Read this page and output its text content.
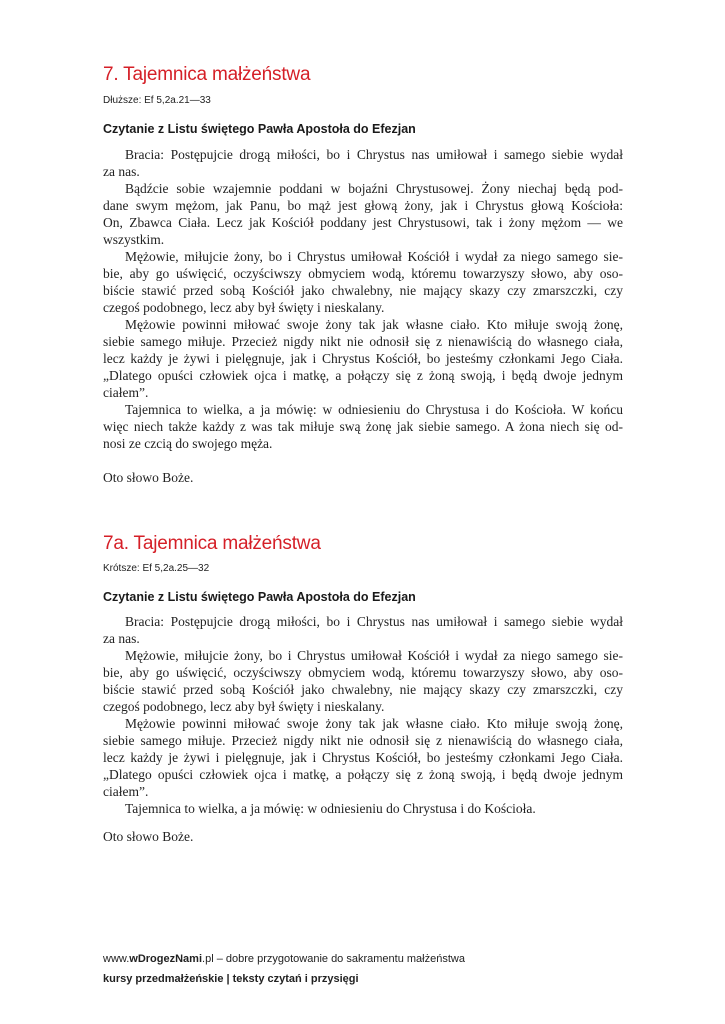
7. Tajemnica małżeństwa
Dłuższe: Ef 5,2a.21—33
Czytanie z Listu świętego Pawła Apostoła do Efezjan
Bracia: Postępujcie drogą miłości, bo i Chrystus nas umiłował i samego siebie wydał
za nas.
Bądźcie sobie wzajemnie poddani w bojaźni Chrystusowej. Żony niechaj będą pod-
dane swym mężom, jak Panu, bo mąż jest głową żony, jak i Chrystus głową Kościoła:
On, Zbawca Ciała. Lecz jak Kościół poddany jest Chrystusowi, tak i żony mężom — we
wszystkim.
Mężowie, miłujcie żony, bo i Chrystus umiłował Kościół i wydał za niego samego sie-
bie, aby go uświęcić, oczyściwszy obmyciem wodą, któremu towarzyszy słowo, aby oso-
biście stawić przed sobą Kościół jako chwalebny, nie mający skazy czy zmarszczki, czy
czegoś podobnego, lecz aby był święty i nieskalany.
Mężowie powinni miłować swoje żony tak jak własne ciało. Kto miłuje swoją żonę,
siebie samego miłuje. Przecież nigdy nikt nie odnosił się z nienawiścią do własnego ciała,
lecz każdy je żywi i pielęgnuje, jak i Chrystus Kościół, bo jesteśmy członkami Jego Ciała.
„Dlatego opuści człowiek ojca i matkę, a połączy się z żoną swoją, i będą dwoje jednym
ciałem”.
Tajemnica to wielka, a ja mówię: w odniesieniu do Chrystusa i do Kościoła. W końcu
więc niech także każdy z was tak miłuje swą żonę jak siebie samego. A żona niech się od-
nosi ze czcią do swojego męża.
Oto słowo Boże.
7a. Tajemnica małżeństwa
Krótsze: Ef 5,2a.25—32
Czytanie z Listu świętego Pawła Apostoła do Efezjan
Bracia: Postępujcie drogą miłości, bo i Chrystus nas umiłował i samego siebie wydał
za nas.
Mężowie, miłujcie żony, bo i Chrystus umiłował Kościół i wydał za niego samego sie-
bie, aby go uświęcić, oczyściwszy obmyciem wodą, któremu towarzyszy słowo, aby oso-
biście stawić przed sobą Kościół jako chwalebny, nie mający skazy czy zmarszczki, czy
czegoś podobnego, lecz aby był święty i nieskalany.
Mężowie powinni miłować swoje żony tak jak własne ciało. Kto miłuje swoją żonę,
siebie samego miłuje. Przecież nigdy nikt nie odnosił się z nienawiścią do własnego ciała,
lecz każdy je żywi i pielęgnuje, jak i Chrystus Kościół, bo jesteśmy członkami Jego Ciała.
„Dlatego opuści człowiek ojca i matkę, a połączy się z żoną swoją, i będą dwoje jednym
ciałem”.
Tajemnica to wielka, a ja mówię: w odniesieniu do Chrystusa i do Kościoła.
Oto słowo Boże.
www.wDrogezNami.pl – dobre przygotowanie do sakramentu małżeństwa
kursy przedmałżeńskie | teksty czytań i przysięgi
